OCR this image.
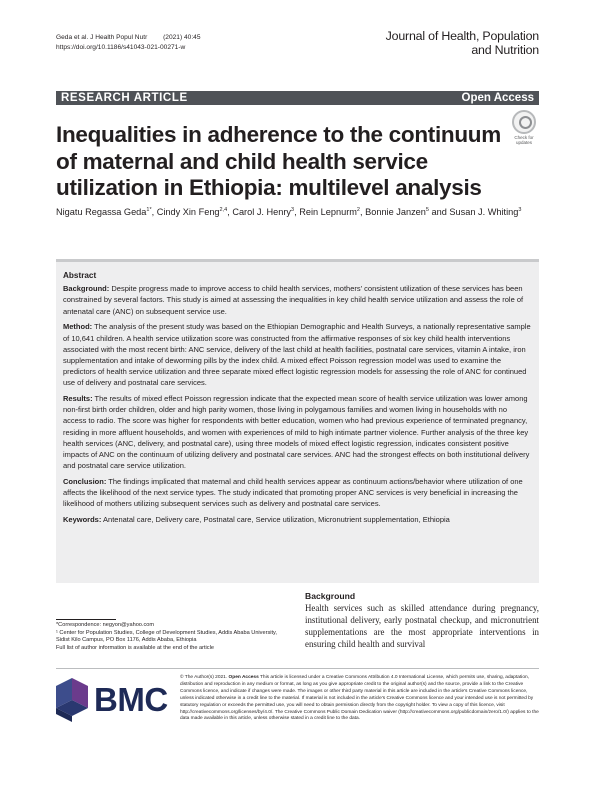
Geda et al. J Health Popul Nutr (2021) 40:45
https://doi.org/10.1186/s41043-021-00271-w
Journal of Health, Population
and Nutrition
RESEARCH ARTICLE	Open Access
Inequalities in adherence to the continuum of maternal and child health service utilization in Ethiopia: multilevel analysis
Check for updates
Nigatu Regassa Geda$^{1*}$, Cindy Xin Feng$^{2,4}$, Carol J. Henry$^3$, Rein Lepnurm$^2$, Bonnie Janzen$^5$ and Susan J. Whiting$^3$
Abstract

Background: Despite progress made to improve access to child health services, mothers' consistent utilization of these services has been constrained by several factors. This study is aimed at assessing the inequalities in key child health service utilization and assess the role of antenatal care (ANC) on subsequent service use.

Method: The analysis of the present study was based on the Ethiopian Demographic and Health Surveys, a nationally representative sample of 10,641 children. A health service utilization score was constructed from the affirmative responses of six key child health interventions associated with the most recent birth: ANC service, delivery of the last child at health facilities, postnatal care services, vitamin A intake, iron supplementation and intake of deworming pills by the index child. A mixed effect Poisson regression model was used to examine the predictors of health service utilization and three separate mixed effect logistic regression models for assessing the role of ANC for continued use of delivery and postnatal care services.

Results: The results of mixed effect Poisson regression indicate that the expected mean score of health service utilization was lower among non-first birth order children, older and high parity women, those living in polygamous families and women living in households with no access to radio. The score was higher for respondents with better education, women who had previous experience of terminated pregnancy, residing in more affluent households, and women with experiences of mild to high intimate partner violence. Further analysis of the three key health services (ANC, delivery, and postnatal care), using three models of mixed effect logistic regression, indicates consistent positive impacts of ANC on the continuum of utilizing delivery and postnatal care services. ANC had the strongest effects on both institutional delivery and postnatal care service utilization.

Conclusion: The findings implicated that maternal and child health services appear as continuum actions/behavior where utilization of one affects the likelihood of the next service types. The study indicated that promoting proper ANC services is very beneficial in increasing the likelihood of mothers utilizing subsequent services such as delivery and postnatal care services.

Keywords: Antenatal care, Delivery care, Postnatal care, Service utilization, Micronutrient supplementation, Ethiopia

*Correspondence: negyon@yahoo.com
¹ Center for Population Studies, College of Development Studies, Addis Ababa University, Sidist Kilo Campus, PO Box 1176, Addis Ababa, Ethiopia
Full list of author information is available at the end of the article
Background

Health services such as skilled attendance during pregnancy, institutional delivery, early postnatal checkup, and micronutrient supplementations are the most appropriate interventions in ensuring child health and survival

BMC
© The Author(s) 2021. Open Access This article is licensed under a Creative Commons Attribution 4.0 International License, which permits use, sharing, adaptation, distribution and reproduction in any medium or format, as long as you give appropriate credit to the original author(s) and the source, provide a link to the Creative Commons licence, and indicate if changes were made. The images or other third party material in this article are included in the article's Creative Commons licence, unless indicated otherwise in a credit line to the material. If material is not included in the article's Creative Commons licence and your intended use is not permitted by statutory regulation or exceeds the permitted use, you will need to obtain permission directly from the copyright holder. To view a copy of this licence, visit http://creativecommons.org/licenses/by/4.0/. The Creative Commons Public Domain Dedication waiver (http://creativecommons.org/publicdomain/zero/1.0/) applies to the data made available in this article, unless otherwise stated in a credit line to the data.
